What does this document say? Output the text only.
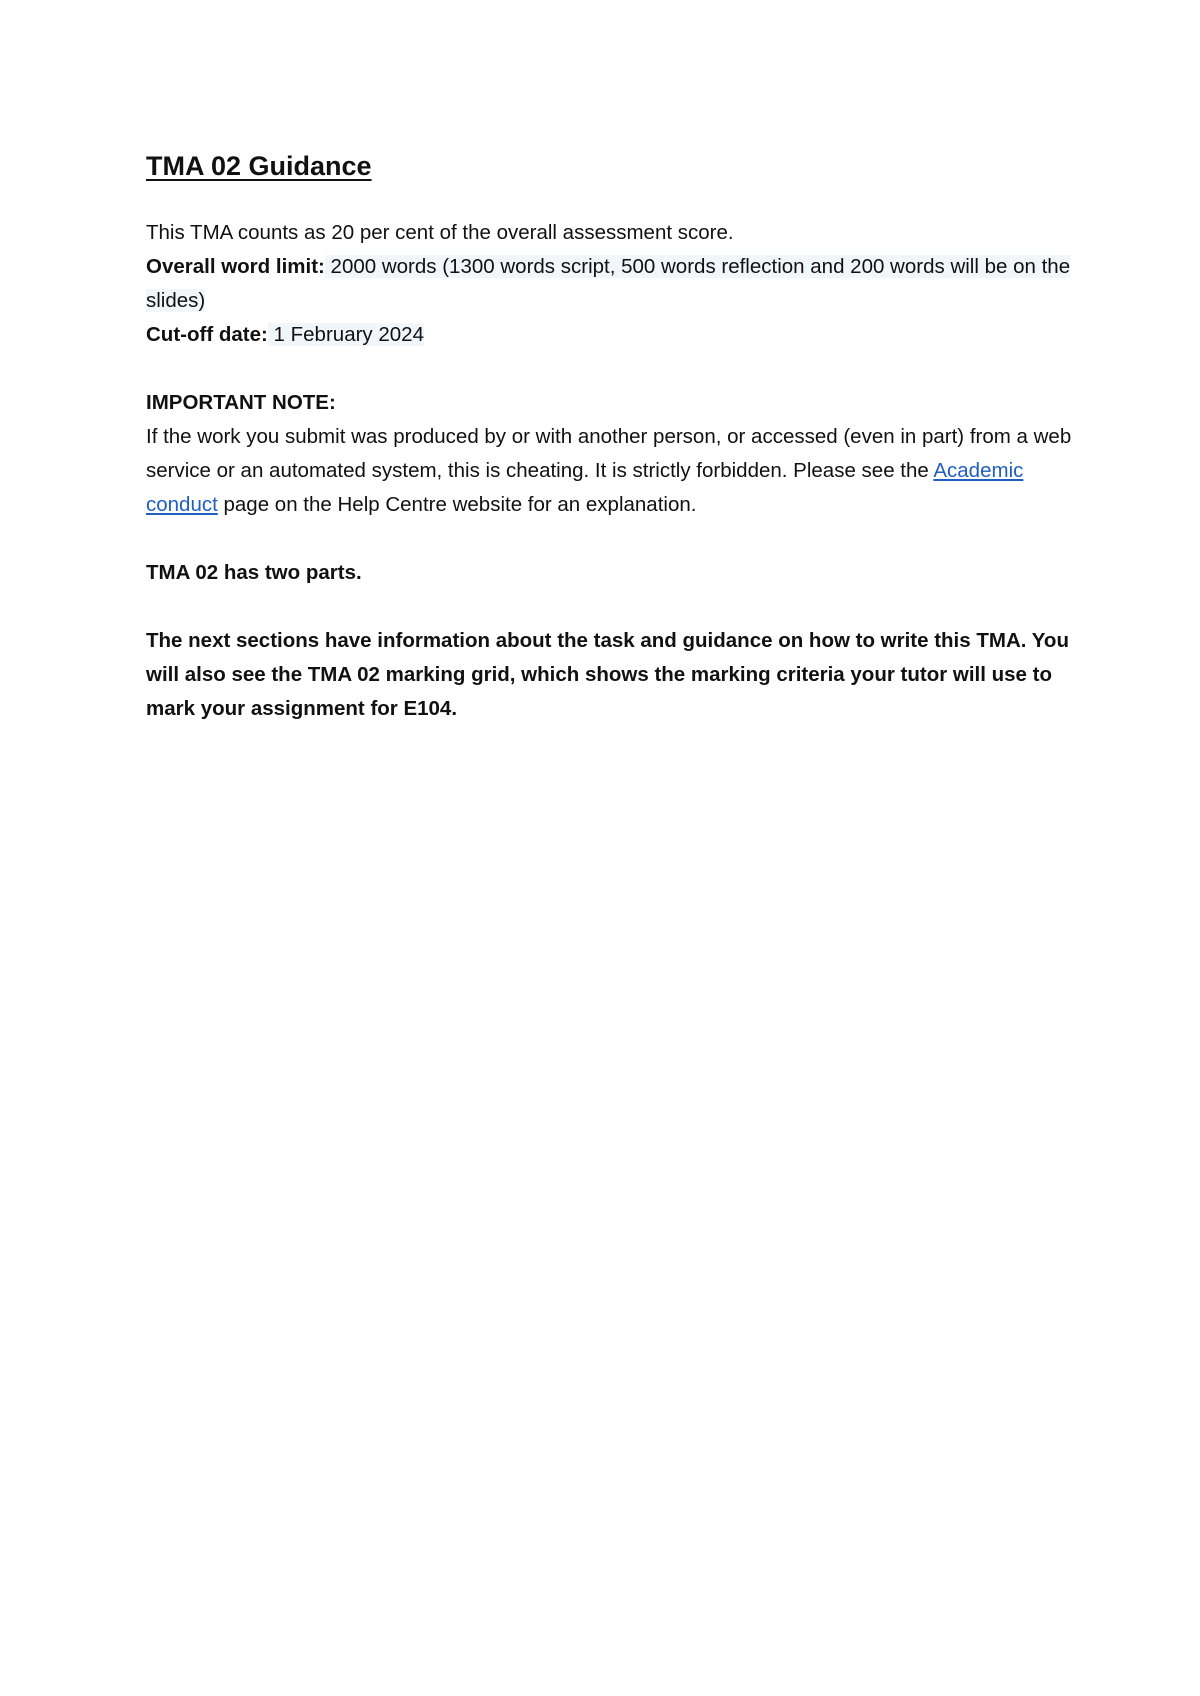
TMA 02 Guidance

This TMA counts as 20 per cent of the overall assessment score.

Overall word limit: 2000 words (1300 words script, 500 words reflection and 200 words will be on the slides)

Cut-off date: 1 February 2024

IMPORTANT NOTE:

If the work you submit was produced by or with another person, or accessed (even in part) from a web service or an automated system, this is cheating. It is strictly forbidden. Please see the Academic conduct page on the Help Centre website for an explanation.

TMA 02 has two parts.

The next sections have information about the task and guidance on how to write this TMA. You will also see the TMA 02 marking grid, which shows the marking criteria your tutor will use to mark your assignment for E104.
